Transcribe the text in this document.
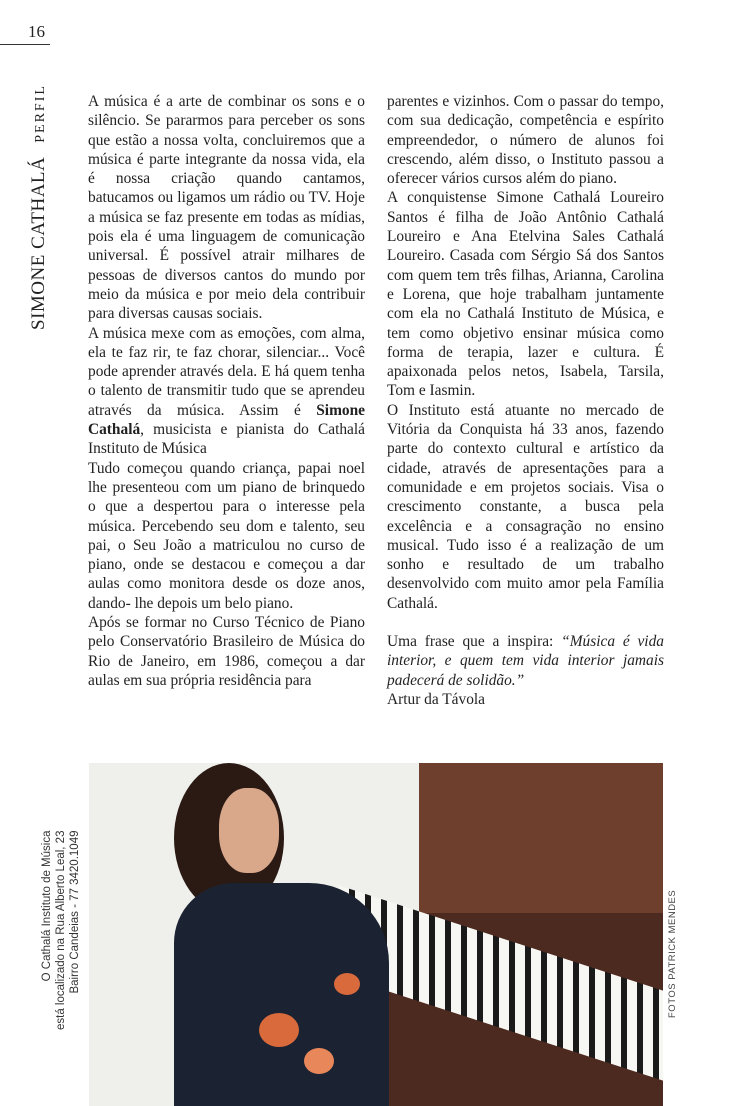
16
SIMONE CATHALÁPERFIL	A música é a arte de combinar os sons e o silêncio. Se pararmos para perceber os sons que estão a nossa volta, concluiremos que a música é parte integrante da nossa vida, ela é nossa criação quando cantamos, batucamos ou ligamos um rádio ou TV. Hoje a música se faz presente em todas as mídias, pois ela é uma linguagem de comunicação universal. É possível atrair milhares de pessoas de diversos cantos do mundo por meio da música e por meio dela contribuir para diversas causas sociais.

A música mexe com as emoções, com alma, ela te faz rir, te faz chorar, silenciar... Você pode aprender através dela. E há quem tenha o talento de transmitir tudo que se aprendeu através da música. Assim é Simone Cathalá, musicista e pianista do Cathalá Instituto de Música

Tudo começou quando criança, papai noel lhe presenteou com um piano de brinquedo o que a despertou para o interesse pela música. Percebendo seu dom e talento, seu pai, o Seu João a matriculou no curso de piano, onde se destacou e começou a dar aulas como monitora desde os doze anos, dando- lhe depois um belo piano.

Após se formar no Curso Técnico de Piano pelo Conservatório Brasileiro de Música do Rio de Janeiro, em 1986, começou a dar aulas em sua própria residência para

parentes e vizinhos. Com o passar do tempo, com sua dedicação, competência e espírito empreendedor, o número de alunos foi crescendo, além disso, o Instituto passou a oferecer vários cursos além do piano.

A conquistense Simone Cathalá Loureiro Santos é filha de João Antônio Cathalá Loureiro e Ana Etelvina Sales Cathalá Loureiro. Casada com Sérgio Sá dos Santos com quem tem três filhas, Arianna, Carolina e Lorena, que hoje trabalham juntamente com ela no Cathalá Instituto de Música, e tem como objetivo ensinar música como forma de terapia, lazer e cultura. É apaixonada pelos netos, Isabela, Tarsila, Tom e Iasmin.

O Instituto está atuante no mercado de Vitória da Conquista há 33 anos, fazendo parte do contexto cultural e artístico da cidade, através de apresentações para a comunidade e em projetos sociais. Visa o crescimento constante, a busca pela excelência e a consagração no ensino musical. Tudo isso é a realização de um sonho e resultado de um trabalho desenvolvido com muito amor pela Família Cathalá.

Uma frase que a inspira: “Música é vida interior, e quem tem vida interior jamais padecerá de solidão.”
Artur da Távola

O Cathalá Instituto de Música está localizado na Rua Alberto Leal, 23 Bairro Candeias - 77 3420.1049	FOTOS PATRICK MENDES
